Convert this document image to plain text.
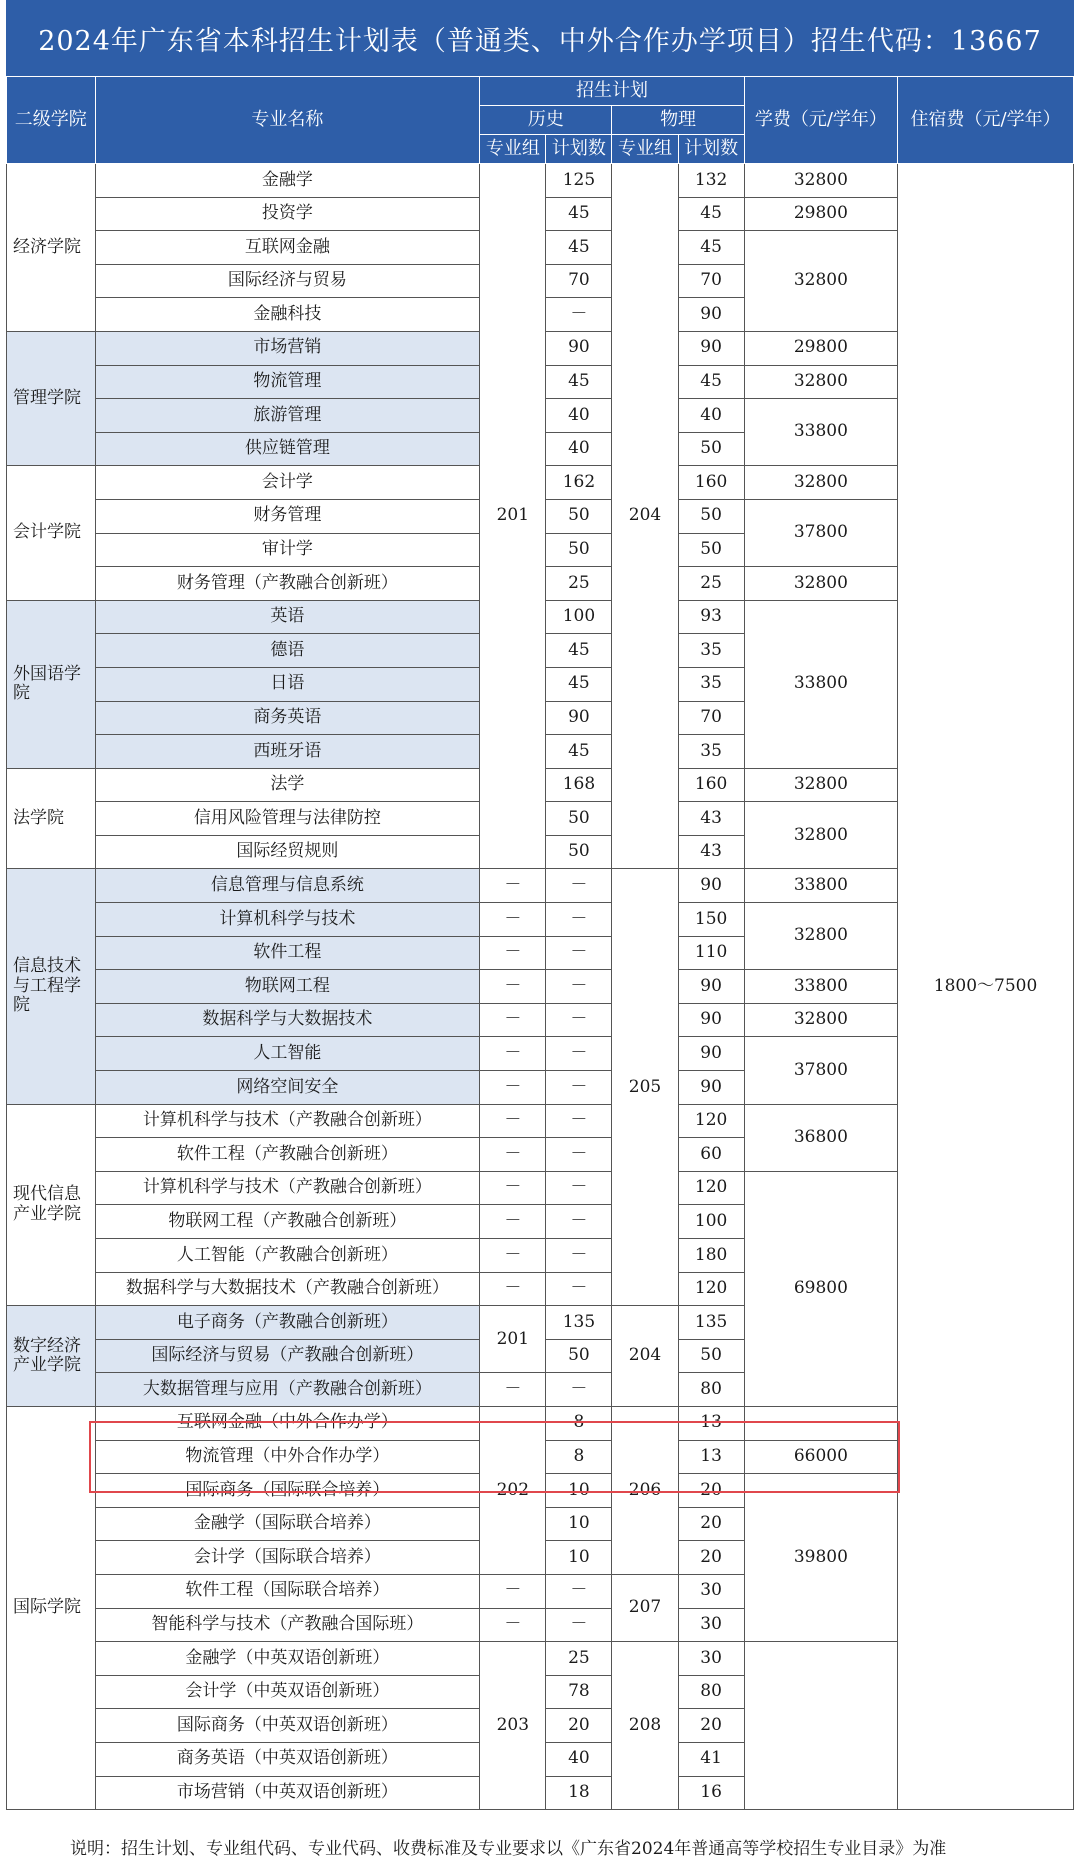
2024年广东省本科招生计划表（普通类、中外合作办学项目）招生代码：13667
二级学院	专业名称	招生计划				学费（元/学年）	住宿费（元/学年）
		历史		物理			
		专业组	计划数	专业组	计划数		
经济学院	金融学	201	125	204	132	32800	1800～7500
	投资学		45		45	29800	
	互联网金融		45		45	32800	
	国际经济与贸易		70		70		
	金融科技		－		90		
管理学院	市场营销		90		90	29800	
	物流管理		45		45	32800	
	旅游管理		40		40	33800	
	供应链管理		40		50		
会计学院	会计学		162		160	32800	
	财务管理		50		50	37800	
	审计学		50		50		
	财务管理（产教融合创新班）		25		25	32800	
外国语学院	英语		100		93	33800	
	德语		45		35		
	日语		45		35		
	商务英语		90		70		
	西班牙语		45		35		
法学院	法学		168		160	32800	
	信用风险管理与法律防控		50		43	32800	
	国际经贸规则		50		43		
信息技术与工程学院	信息管理与信息系统	－	－	205	90	33800	
	计算机科学与技术	－	－		150	32800	
	软件工程	－	－		110		
	物联网工程	－	－		90	33800	
	数据科学与大数据技术	－	－		90	32800	
	人工智能	－	－		90	37800	
	网络空间安全	－	－		90		
现代信息产业学院	计算机科学与技术（产教融合创新班）	－	－		120	36800	
	软件工程（产教融合创新班）	－	－		60		
	计算机科学与技术（产教融合创新班）	－	－		120	69800	
	物联网工程（产教融合创新班）	－	－		100		
	人工智能（产教融合创新班）	－	－		180		
	数据科学与大数据技术（产教融合创新班）	－	－		120		
数字经济产业学院	电子商务（产教融合创新班）	201	135	204	135		
	国际经济与贸易（产教融合创新班）		50		50		
	大数据管理与应用（产教融合创新班）	－	－		80		
国际学院	互联网金融（中外合作办学）	202	8	206	13		
	物流管理（中外合作办学）		8		13	66000	
	国际商务（国际联合培养）		10		20	39800	
	金融学（国际联合培养）		10		20		
	会计学（国际联合培养）		10		20		
	软件工程（国际联合培养）	－	－	207	30		
	智能科学与技术（产教融合国际班）	－	－		30		
	金融学（中英双语创新班）	203	25	208	30		
	会计学（中英双语创新班）		78		80		
	国际商务（中英双语创新班）		20		20		
	商务英语（中英双语创新班）		40		41		
	市场营销（中英双语创新班）		18		16		
说明：招生计划、专业组代码、专业代码、收费标准及专业要求以《广东省2024年普通高等学校招生专业目录》为准
